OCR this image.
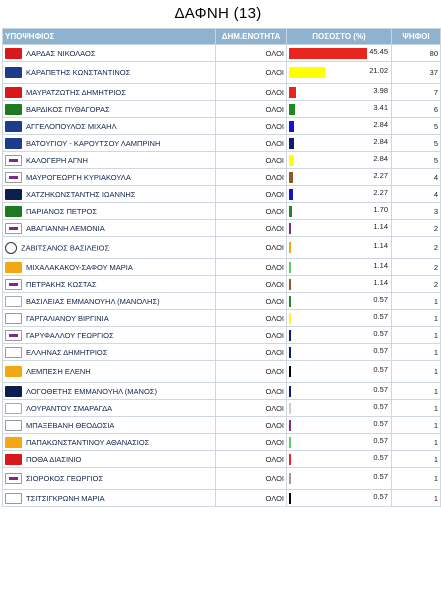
ΔΑΦΝΗ (13)
ΥΠΟΨΗΦΙΟΣ	ΔΗΜ.ΕΝΟΤΗΤΑ	ΠΟΣΟΣΤΟ (%)	ΨΗΦΟΙ
ΛΑΡΔΑΣ ΝΙΚΟΛΑΟΣ	ΟΛΟΙ	45.45	80
ΚΑΡΑΠΕΤΗΣ ΚΩΝΣΤΑΝΤΙΝΟΣ	ΟΛΟΙ	21.02	37
ΜΑΥΡΑΤΖΩΤΗΣ ΔΗΜΗΤΡΙΟΣ	ΟΛΟΙ	3.98	7
ΒΑΡΔΙΚΟΣ ΠΥΘΑΓΟΡΑΣ	ΟΛΟΙ	3.41	6
ΑΓΓΕΛΟΠΟΥΛΟΣ ΜΙΧΑΗΛ	ΟΛΟΙ	2.84	5
ΒΑΤΟΥΓΙΟΥ - ΚΑΡΟΥΤΣΟΥ ΛΑΜΠΡΙΝΗ	ΟΛΟΙ	2.84	5
ΚΑΛΟΓΕΡΗ ΑΓΝΗ	ΟΛΟΙ	2.84	5
ΜΑΥΡΟΓΕΩΡΓΗ ΚΥΡΙΑΚΟΥΛΑ	ΟΛΟΙ	2.27	4
ΧΑΤΖΗΚΩΝΣΤΑΝΤΗΣ ΙΩΑΝΝΗΣ	ΟΛΟΙ	2.27	4
ΠΑΡΙΑΝΟΣ ΠΕΤΡΟΣ	ΟΛΟΙ	1.70	3
ΑΒΑΓΙΑΝΝΗ ΛΕΜΟΝΙΑ	ΟΛΟΙ	1.14	2
ΖΑΒΙΤΣΑΝΟΣ ΒΑΣΙΛΕΙΟΣ	ΟΛΟΙ	1.14	2
ΜΙΧΑΛΑΚΑΚΟΥ-ΣΑΦΟΥ ΜΑΡΙΑ	ΟΛΟΙ	1.14	2
ΠΕΤΡΑΚΗΣ ΚΩΣΤΑΣ	ΟΛΟΙ	1.14	2
ΒΑΣΙΛΕΙΑΣ ΕΜΜΑΝΟΥΗΛ (ΜΑΝΟΛΗΣ)	ΟΛΟΙ	0.57	1
ΓΑΡΓΑΛΙΑΝΟΥ ΒΙΡΓΙΝΙΑ	ΟΛΟΙ	0.57	1
ΓΑΡΥΦΑΛΛΟΥ ΓΕΩΡΓΙΟΣ	ΟΛΟΙ	0.57	1
ΕΛΛΗΝΑΣ ΔΗΜΗΤΡΙΟΣ	ΟΛΟΙ	0.57	1
ΛΕΜΠΕΣΗ ΕΛΕΝΗ	ΟΛΟΙ	0.57	1
ΛΟΓΟΘΕΤΗΣ ΕΜΜΑΝΟΥΗΛ (ΜΑΝΟΣ)	ΟΛΟΙ	0.57	1
ΛΟΥΡΑΝΤΟΥ ΣΜΑΡΑΓΔΑ	ΟΛΟΙ	0.57	1
ΜΠΑΞΕΒΑΝΗ ΘΕΟΔΟΣΙΑ	ΟΛΟΙ	0.57	1
ΠΑΠΑΚΩΝΣΤΑΝΤΙΝΟΥ ΑΘΑΝΑΣΙΟΣ	ΟΛΟΙ	0.57	1
ΠΟΘΑ ΔΙΑΣΙΝΙΟ	ΟΛΟΙ	0.57	1
ΣΙΟΡΟΚΟΣ ΓΕΩΡΓΙΟΣ	ΟΛΟΙ	0.57	1
ΤΣΙΤΣΙΓΚΡΩΝΗ ΜΑΡΙΑ	ΟΛΟΙ	0.57	1
